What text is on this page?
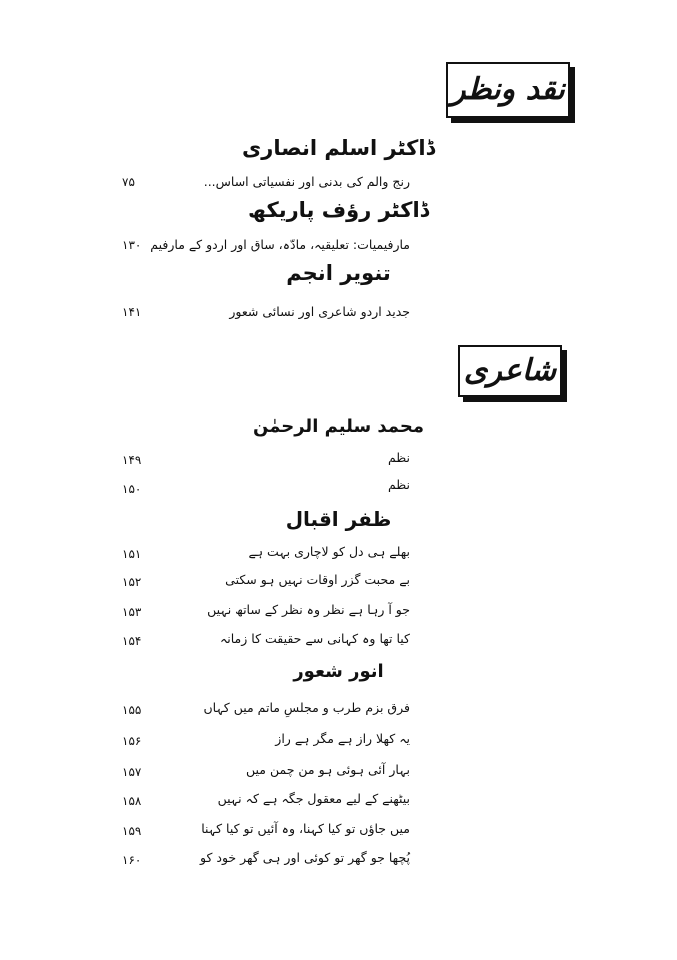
نقد ونظر
ڈاکٹر اسلم انصاری
رنج والم کی بدنی اور نفسیاتی اساس...
۷۵
ڈاکٹر رؤف پاریکھ
مارفیمیات: تعلیقیہ، مادّہ، ساق اور اردو کے مارفیم
۱۳۰
تنویر انجم
جدید اردو شاعری اور نسائی شعور
۱۴۱
شاعری
محمد سلیم الرحمٰن
نظم
۱۴۹
نظم
۱۵۰
ظفر اقبال
بھلے ہی دل کو لاچاری بہت ہے
۱۵۱
بے محبت گزر اوقات نہیں ہو سکتی
۱۵۲
جو آ رہا ہے نظر وہ نظر کے ساتھ نہیں
۱۵۳
کیا تھا وہ کہانی سے حقیقت کا زمانہ
۱۵۴
انور شعور
فرق بزم طرب و مجلسِ ماتم میں کہاں
۱۵۵
یہ کھلا راز ہے مگر ہے راز
۱۵۶
بہار آئی ہوئی ہو من چمن میں
۱۵۷
بیٹھنے کے لیے معقول جگہ ہے کہ نہیں
۱۵۸
میں جاؤں تو کیا کہنا، وہ آئیں تو کیا کہنا
۱۵۹
پُچھا جو گھر تو کوئی اور ہی گھر خود کو
۱۶۰
